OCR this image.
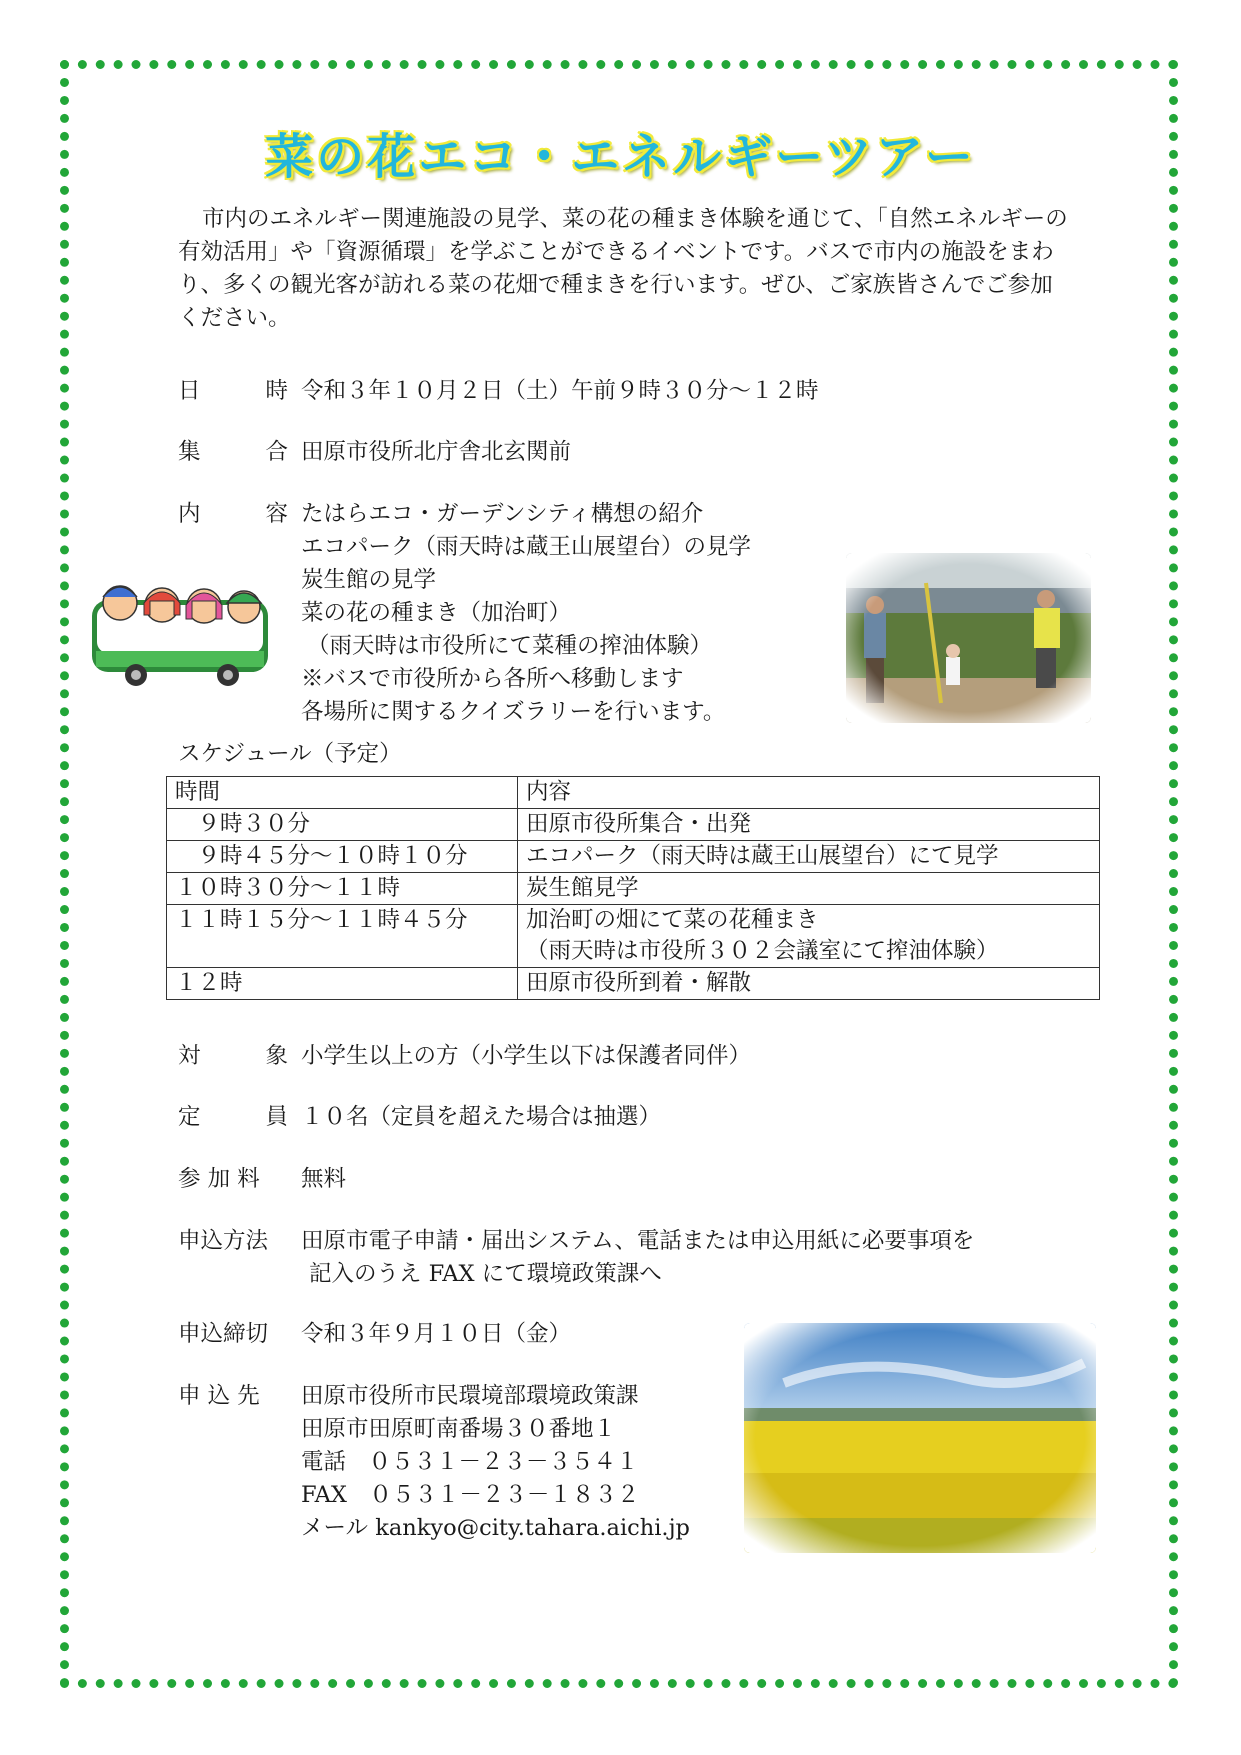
菜の花エコ・エネルギーツアー

市内のエネルギー関連施設の見学、菜の花の種まき体験を通じて、「自然エネルギーの有効活用」や「資源循環」を学ぶことができるイベントです。バスで市内の施設をまわり、多くの観光客が訪れる菜の花畑で種まきを行います。ぜひ、ご家族皆さんでご参加ください。

日	時 令和３年１０月２日（土）午前９時３０分～１２時
集	合 田原市役所北庁舎北玄関前
内	容 たはらエコ・ガーデンシティ構想の紹介
エコパーク（雨天時は蔵王山展望台）の見学
炭生館の見学
菜の花の種まき（加治町）
（雨天時は市役所にて菜種の搾油体験）
※バスで市役所から各所へ移動します
各場所に関するクイズラリーを行います。
スケジュール（予定）
時間	内容
　９時３０分	田原市役所集合・出発
　９時４５分～１０時１０分	エコパーク（雨天時は蔵王山展望台）にて見学
１０時３０分～１１時	炭生館見学
１１時１５分～１１時４５分	加治町の畑にて菜の花種まき
（雨天時は市役所３０２会議室にて搾油体験）
１２時	田原市役所到着・解散
対	象 小学生以上の方（小学生以下は保護者同伴）
定	員 １０名（定員を超えた場合は抽選）
参 加 料 無料
申込方法 田原市電子申請・届出システム、電話または申込用紙に必要事項を
記入のうえ FAX にて環境政策課へ
申込締切 令和３年９月１０日（金）
申 込 先 田原市役所市民環境部環境政策課
田原市田原町南番場３０番地１
電話　０５３１－２３－３５４１
FAX　０５３１－２３－１８３２
メール kankyo@city.tahara.aichi.jp
